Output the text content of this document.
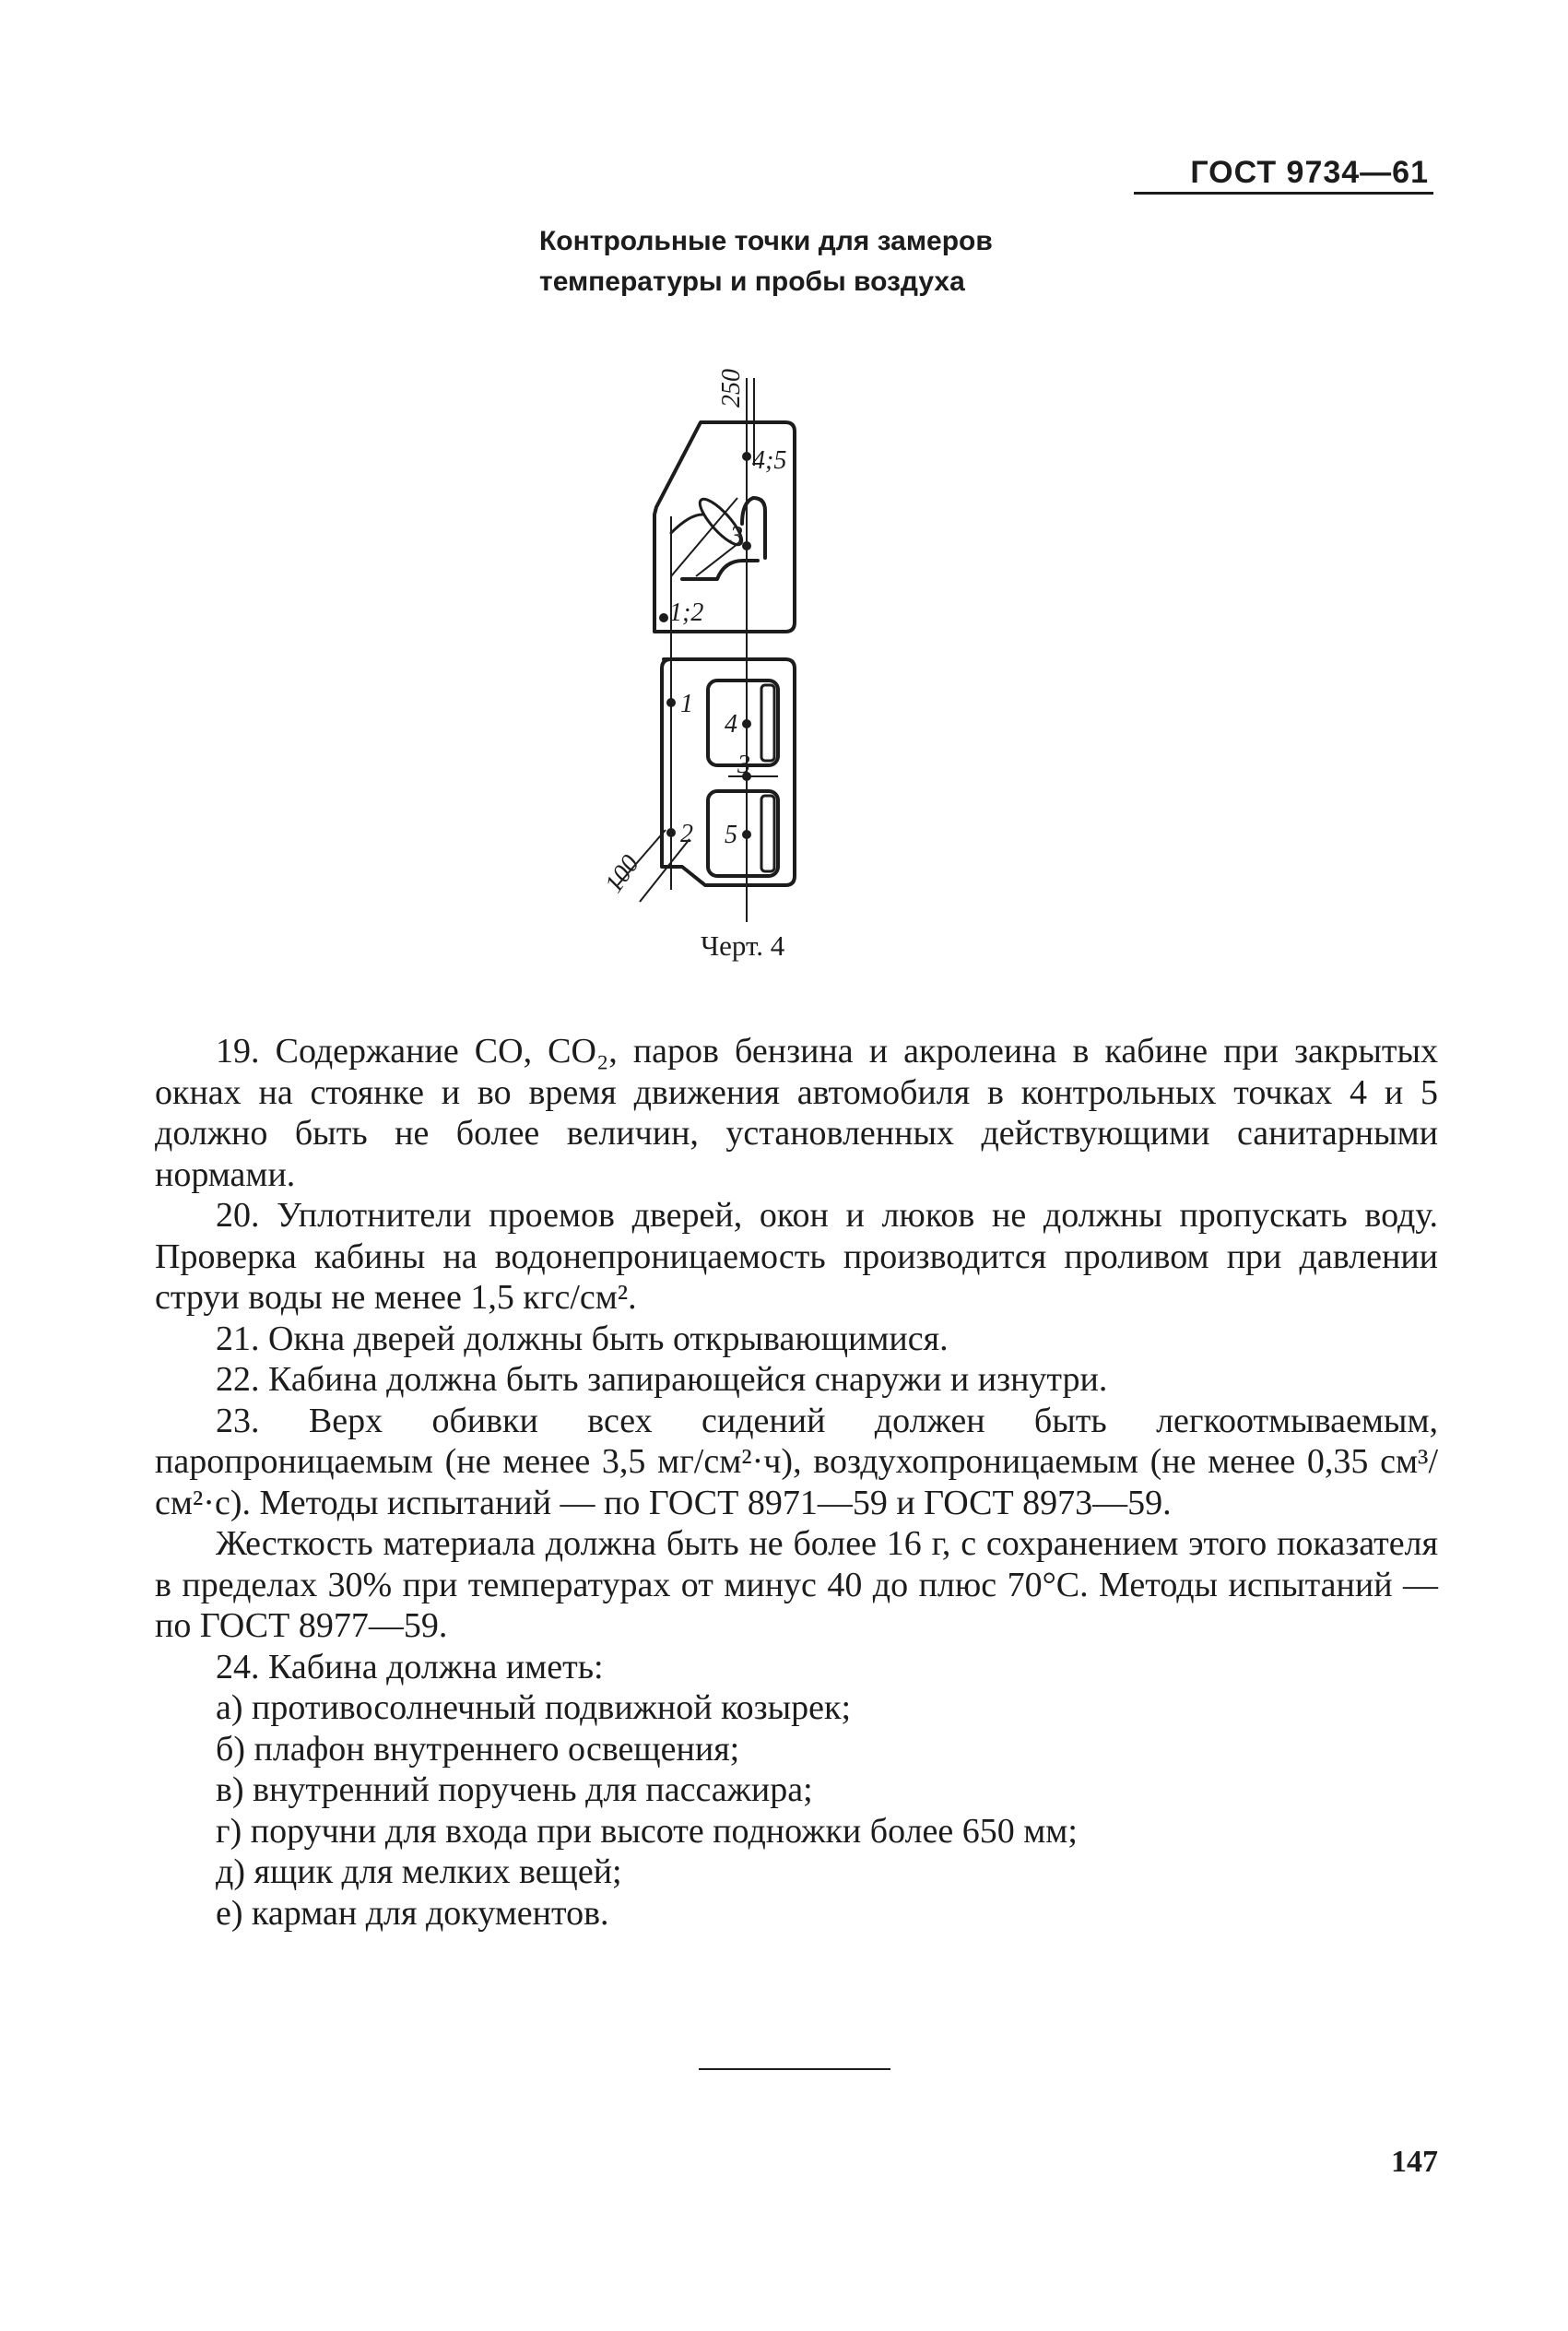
ГОСТ 9734—61
Контрольные точки для замеров
температуры и пробы воздуха
250
100
4;5
3
1;2
1
2
3
4
5
Черт. 4

19. Содержание СО, СО₂, паров бензина и акролеина в кабине при закрытых окнах на стоянке и во время движения автомобиля в контрольных точках 4 и 5 должно быть не более величин, установленных действующими санитарными нормами.

20. Уплотнители проемов дверей, окон и люков не должны пропускать воду. Проверка кабины на водонепроницаемость производится проливом при давлении струи воды не менее 1,5 кгс/см².

21. Окна дверей должны быть открывающимися.

22. Кабина должна быть запирающейся снаружи и изнутри.

23. Верх обивки всех сидений должен быть легкоотмываемым, паропроницаемым (не менее 3,5 мг/см²·ч), воздухопроницаемым (не менее 0,35 см³/см²·с). Методы испытаний — по ГОСТ 8971—59 и ГОСТ 8973—59.

Жесткость материала должна быть не более 16 г, с сохранением этого показателя в пределах 30% при температурах от минус 40 до плюс 70°С. Методы испытаний — по ГОСТ 8977—59.

24. Кабина должна иметь:

а) противосолнечный подвижной козырек;
б) плафон внутреннего освещения;
в) внутренний поручень для пассажира;
г) поручни для входа при высоте подножки более 650 мм;
д) ящик для мелких вещей;
е) карман для документов.
147
